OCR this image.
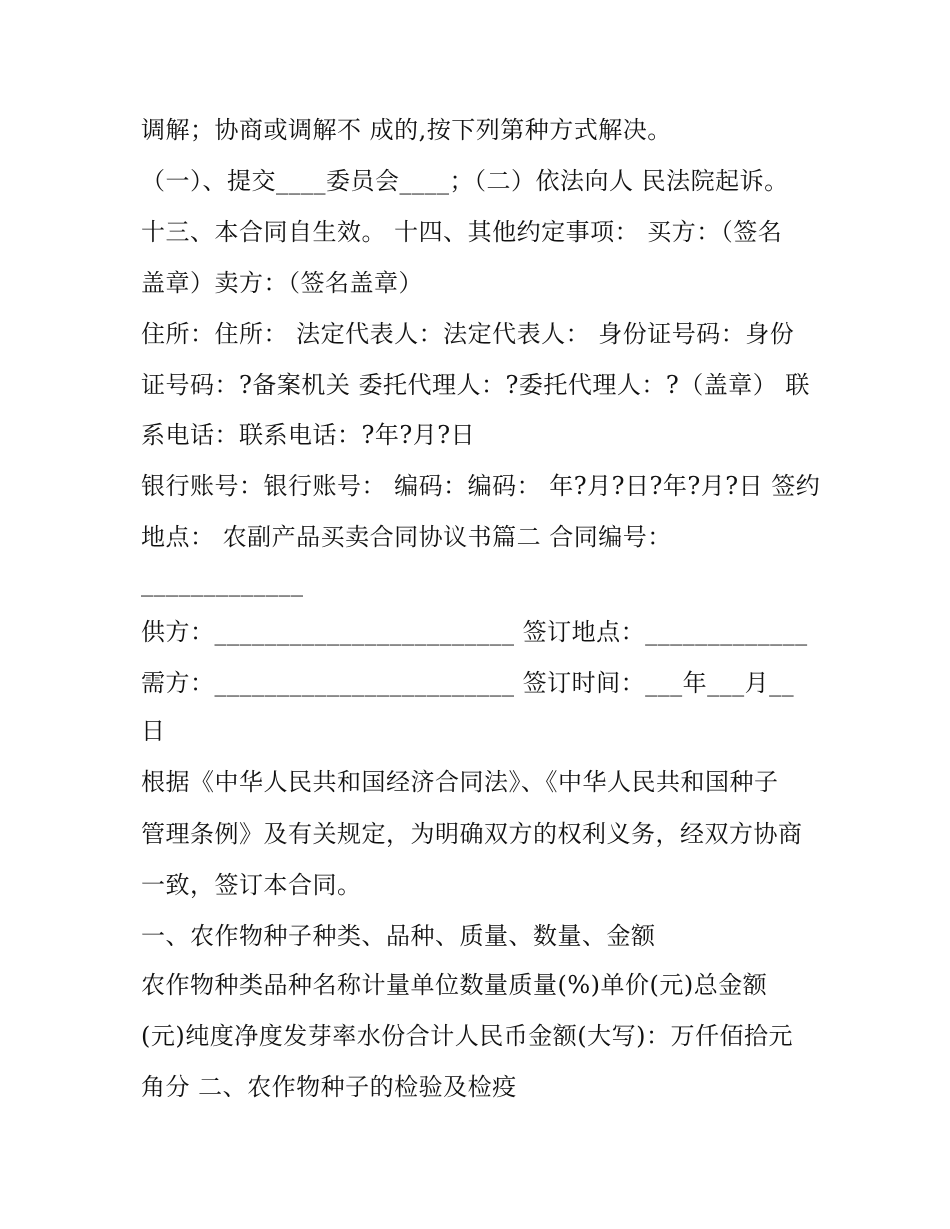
调解；协商或调解不 成的,按下列第种方式解决。
（一）、提交____委员会____；（二）依法向人 民法院起诉。
十三、本合同自生效。 十四、其他约定事项： 买方：（签名
盖章）卖方：（签名盖章）
住所：住所： 法定代表人：法定代表人： 身份证号码：身份
证号码：?备案机关 委托代理人：?委托代理人：?（盖章） 联
系电话：联系电话：?年?月?日
银行账号：银行账号： 编码：编码： 年?月?日?年?月?日 签约
地点： 农副产品买卖合同协议书篇二 合同编号：
_____________
供方：________________________ 签订地点：_____________
需方：________________________ 签订时间：___年___月__
日
根据《中华人民共和国经济合同法》、《中华人民共和国种子
管理条例》及有关规定，为明确双方的权利义务，经双方协商
一致，签订本合同。
一、农作物种子种类、品种、质量、数量、金额
农作物种类品种名称计量单位数量质量(%)单价(元)总金额
(元)纯度净度发芽率水份合计人民币金额(大写)：万仟佰拾元
角分 二、农作物种子的检验及检疫
